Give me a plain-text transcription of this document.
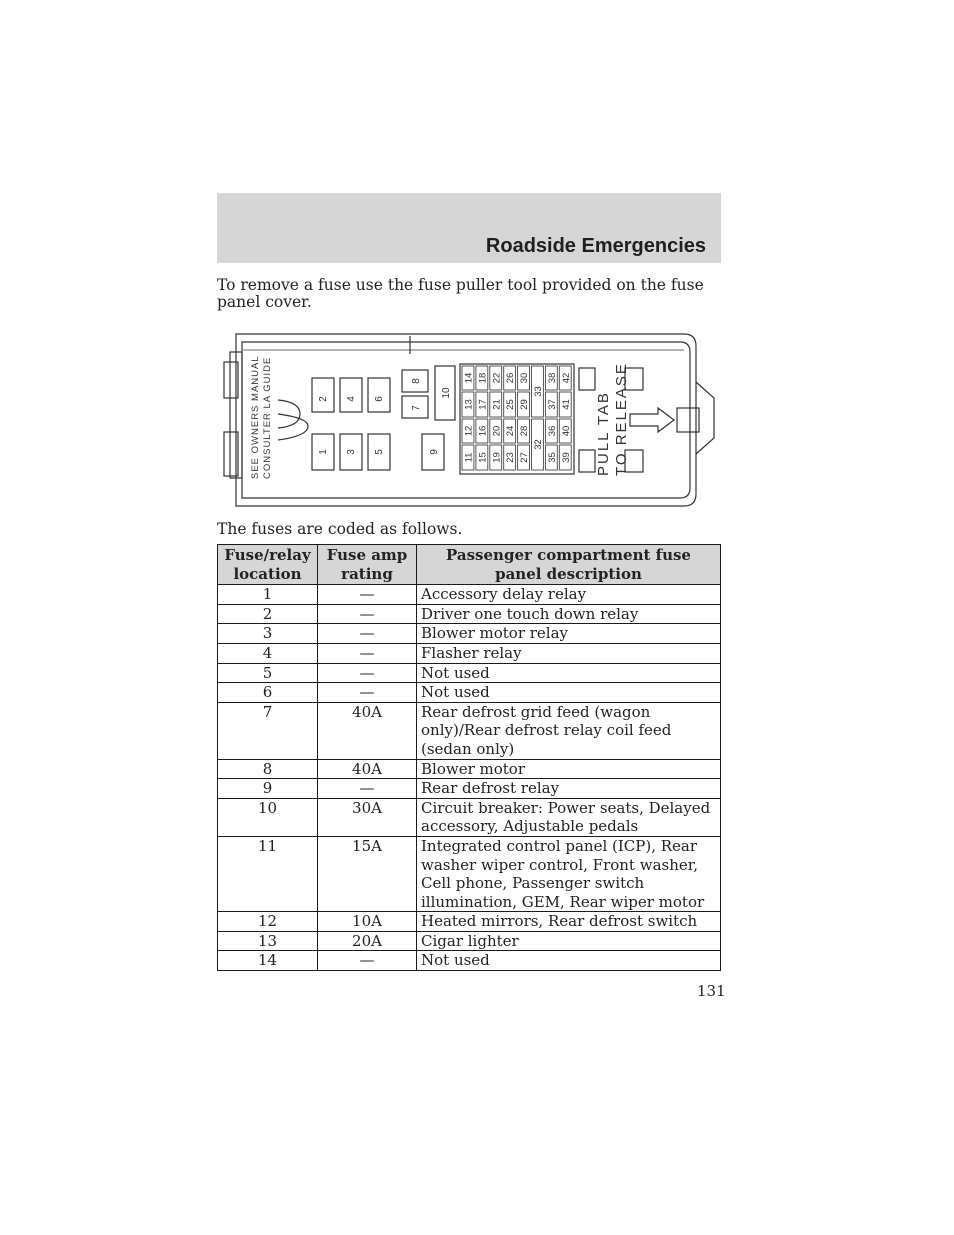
Roadside Emergencies
To remove a fuse use the fuse puller tool provided on the fuse panel cover.
SEE OWNERS MANUAL CONSULTER LA GUIDE	2 4 6
1 3 5
8
7
10
9
14
13
12
11
18
17
16
15
22
21
20
19
26
25
24
23
30
29
28
27
33
32
38
37
36
35
42
41
40
39 PULL TAB TO RELEASE
The fuses are coded as follows.
Fuse/relay location	Fuse amp rating	Passenger compartment fuse panel description
1	—	Accessory delay relay
2	—	Driver one touch down relay
3	—	Blower motor relay
4	—	Flasher relay
5	—	Not used
6	—	Not used
7	40A	Rear defrost grid feed (wagon only)/Rear defrost relay coil feed (sedan only)
8	40A	Blower motor
9	—	Rear defrost relay
10	30A	Circuit breaker: Power seats, Delayed accessory, Adjustable pedals
11	15A	Integrated control panel (ICP), Rear washer wiper control, Front washer, Cell phone, Passenger switch illumination, GEM, Rear wiper motor
12	10A	Heated mirrors, Rear defrost switch
13	20A	Cigar lighter
14	—	Not used
131
